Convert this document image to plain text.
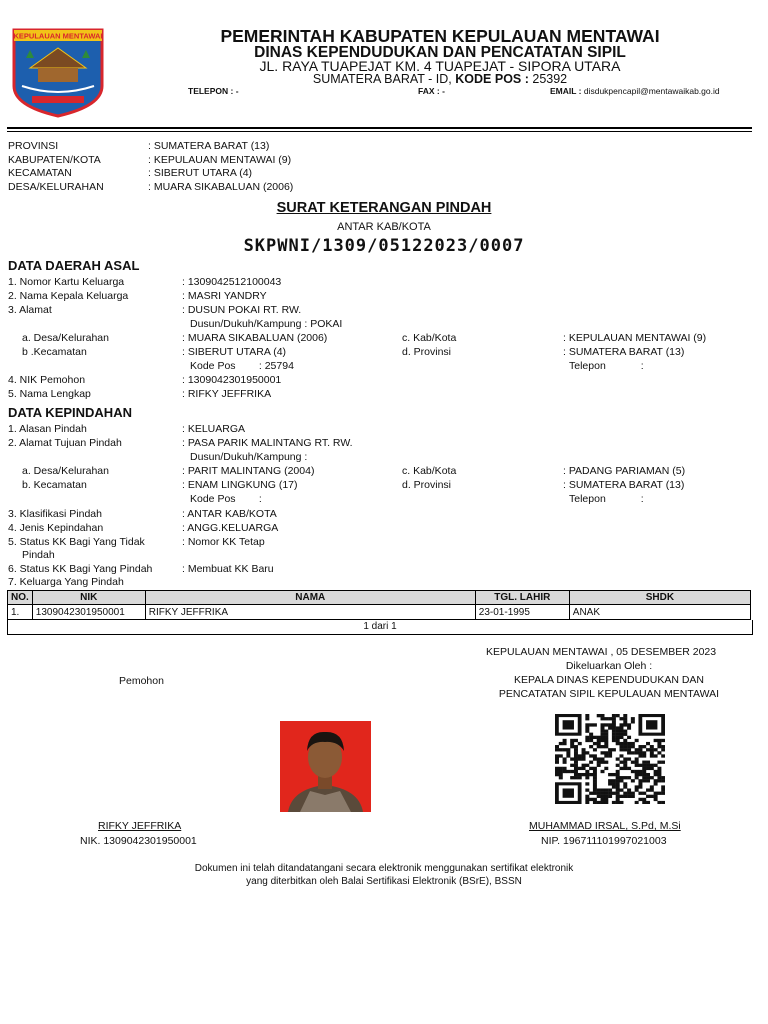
KEPULAUAN MENTAWAI	PEMERINTAH KABUPATEN KEPULAUAN MENTAWAI
DINAS KEPENDUDUKAN DAN PENCATATAN SIPIL
JL. RAYA TUAPEJAT KM. 4 TUAPEJAT - SIPORA UTARA
SUMATERA BARAT - ID, KODE POS : 25392
TELEPON : -	FAX : -	EMAIL : disdukpencapil@mentawaikab.go.id
PROVINSI	: SUMATERA BARAT (13)
KABUPATEN/KOTA	: KEPULAUAN MENTAWAI (9)
KECAMATAN	: SIBERUT UTARA (4)
DESA/KELURAHAN	: MUARA SIKABALUAN (2006)
SURAT KETERANGAN PINDAH
ANTAR KAB/KOTA
SKPWNI/1309/05122023/0007
DATA DAERAH ASAL
1. Nomor Kartu Keluarga	: 1309042512100043
2. Nama Kepala Keluarga	: MASRI YANDRY
3. Alamat	: DUSUN POKAI RT. RW.
Dusun/Dukuh/Kampung : POKAI
a. Desa/Kelurahan	: MUARA SIKABALUAN (2006)	c. Kab/Kota	: KEPULAUAN MENTAWAI (9)
b .Kecamatan	: SIBERUT UTARA (4)	d. Provinsi	: SUMATERA BARAT (13)
Kode Pos        : 25794	Telepon            :
4. NIK Pemohon	: 1309042301950001
5. Nama Lengkap	: RIFKY JEFFRIKA
DATA KEPINDAHAN
1. Alasan Pindah	: KELUARGA
2. Alamat Tujuan Pindah	: PASA PARIK MALINTANG RT. RW.
Dusun/Dukuh/Kampung :
a. Desa/Kelurahan	: PARIT MALINTANG (2004)	c. Kab/Kota	: PADANG PARIAMAN (5)
b. Kecamatan	: ENAM LINGKUNG (17)	d. Provinsi	: SUMATERA BARAT (13)
Kode Pos        :	Telepon            :
3. Klasifikasi Pindah	: ANTAR KAB/KOTA
4. Jenis Kepindahan	: ANGG.KELUARGA
5. Status KK Bagi Yang Tidak
Pindah
: Nomor KK Tetap
6. Status KK Bagi Yang Pindah	: Membuat KK Baru
7. Keluarga Yang Pindah
NO.	NIK	NAMA	TGL. LAHIR	SHDK
1.	1309042301950001	RIFKY JEFFRIKA	23-01-1995	ANAK
1 dari 1
KEPULAUAN MENTAWAI , 05 DESEMBER 2023
Dikeluarkan Oleh :
KEPALA DINAS KEPENDUDUKAN DAN
PENCATATAN SIPIL KEPULAUAN MENTAWAI
Pemohon
RIFKY JEFFRIKA
NIK. 1309042301950001
MUHAMMAD IRSAL, S.Pd, M.Si
NIP. 196711101997021003
Dokumen ini telah ditandatangani secara elektronik menggunakan sertifikat elektronik
yang diterbitkan oleh Balai Sertifikasi Elektronik (BSrE), BSSN
